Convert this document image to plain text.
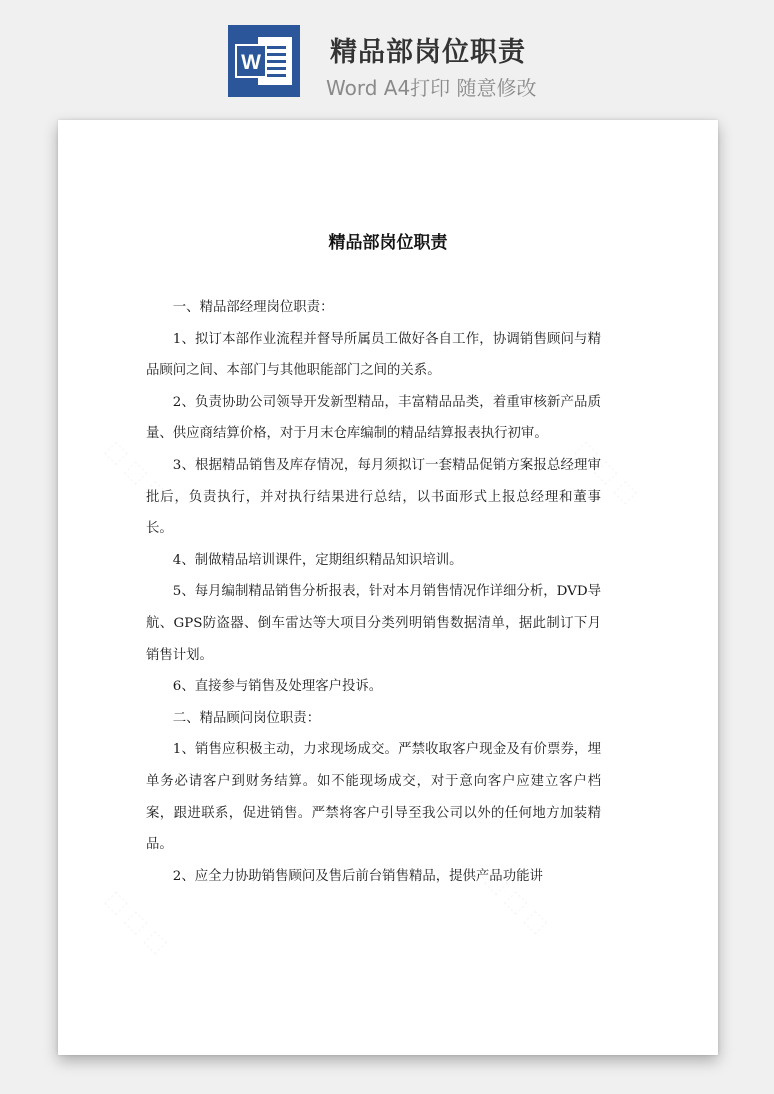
W	精品部岗位职责
Word A4打印 随意修改
精品部岗位职责

一、精品部经理岗位职责：

1、拟订本部作业流程并督导所属员工做好各自工作，协调销售顾问与精品顾问之间、本部门与其他职能部门之间的关系。

2、负责协助公司领导开发新型精品，丰富精品品类，着重审核新产品质量、供应商结算价格，对于月末仓库编制的精品结算报表执行初审。

3、根据精品销售及库存情况，每月须拟订一套精品促销方案报总经理审批后，负责执行，并对执行结果进行总结，以书面形式上报总经理和董事长。

4、制做精品培训课件，定期组织精品知识培训。

5、每月编制精品销售分析报表，针对本月销售情况作详细分析，DVD导航、GPS防盗器、倒车雷达等大项目分类列明销售数据清单，据此制订下月销售计划。

6、直接参与销售及处理客户投诉。

二、精品顾问岗位职责：

1、销售应积极主动，力求现场成交。严禁收取客户现金及有价票券，埋单务必请客户到财务结算。如不能现场成交，对于意向客户应建立客户档案，跟进联系，促进销售。严禁将客户引导至我公司以外的任何地方加装精品。

2、应全力协助销售顾问及售后前台销售精品，提供产品功能讲
